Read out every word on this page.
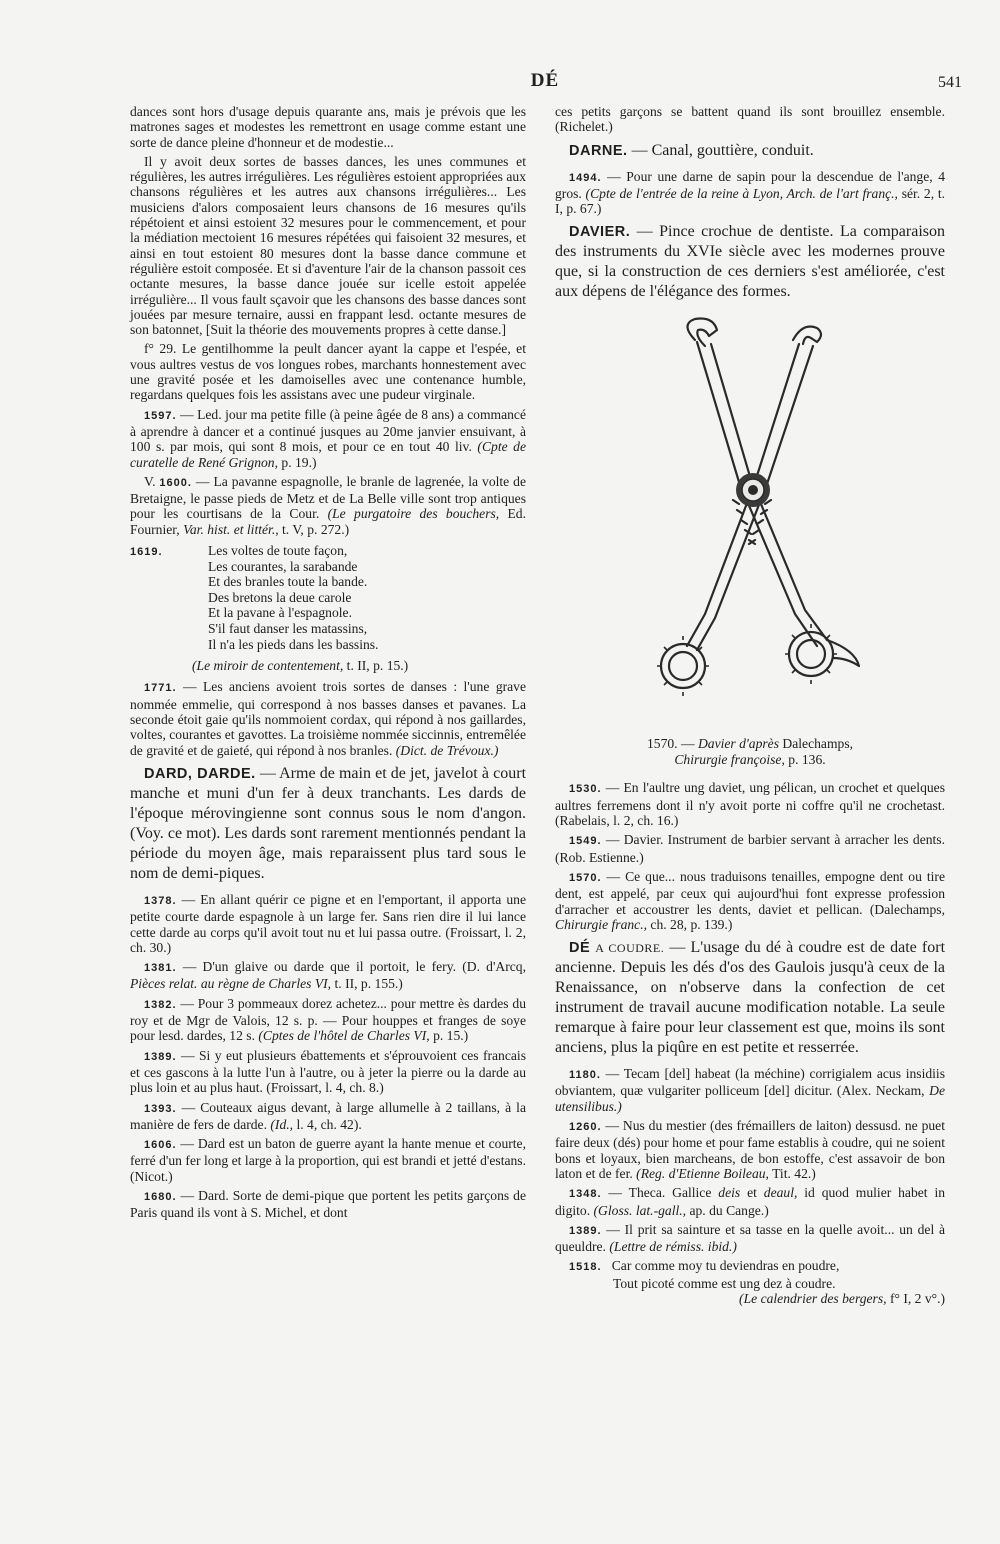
DÉ	541

dances sont hors d'usage depuis quarante ans, mais je prévois que les matrones sages et modestes les remettront en usage comme estant une sorte de dance pleine d'honneur et de modestie...

Il y avoit deux sortes de basses dances, les unes communes et régulières, les autres irrégulières. Les régulières estoient appropriées aux chansons régulières et les autres aux chansons irrégulières... Les musiciens d'alors composaient leurs chansons de 16 mesures qu'ils répétoient et ainsi estoient 32 mesures pour le commencement, et pour la médiation mectoient 16 mesures répétées qui faisoient 32 mesures, et ainsi en tout estoient 80 mesures dont la basse dance commune et régulière estoit composée. Et si d'aventure l'air de la chanson passoit ces octante mesures, la basse dance jouée sur icelle estoit appelée irrégulière... Il vous fault sçavoir que les chansons des basse dances sont jouées par mesure ternaire, aussi en frappant lesd. octante mesures de son batonnet, [Suit la théorie des mouvements propres à cette danse.]

f° 29. Le gentilhomme la peult dancer ayant la cappe et l'espée, et vous aultres vestus de vos longues robes, marchants honnestement avec une gravité posée et les damoiselles avec une contenance humble, regardans quelques fois les assistans avec une pudeur virginale.

1597. — Led. jour ma petite fille (à peine âgée de 8 ans) a commancé à aprendre à dancer et a continué jusques au 20me janvier ensuivant, à 100 s. par mois, qui sont 8 mois, et pour ce en tout 40 liv. (Cpte de curatelle de René Grignon, p. 19.)

V. 1600. — La pavanne espagnolle, le branle de lagrenée, la volte de Bretaigne, le passe pieds de Metz et de La Belle ville sont trop antiques pour les courtisans de la Cour. (Le purgatoire des bouchers, Ed. Fournier, Var. hist. et littér., t. V, p. 272.)

1619.	Les voltes de toute façon,
Les courantes, la sarabande
Et des branles toute la bande.
Des bretons la deue carole
Et la pavane à l'espagnole.
S'il faut danser les matassins,
Il n'a les pieds dans les bassins.

(Le miroir de contentement, t. II, p. 15.)

1771. — Les anciens avoient trois sortes de danses : l'une grave nommée emmelie, qui correspond à nos basses danses et pavanes. La seconde étoit gaie qu'ils nommoient cordax, qui répond à nos gaillardes, voltes, courantes et gavottes. La troisième nommée siccinnis, entremêlée de gravité et de gaieté, qui répond à nos branles. (Dict. de Trévoux.)

DARD, DARDE. — Arme de main et de jet, javelot à court manche et muni d'un fer à deux tranchants. Les dards de l'époque mérovingienne sont connus sous le nom d'angon. (Voy. ce mot). Les dards sont rarement mentionnés pendant la période du moyen âge, mais reparaissent plus tard sous le nom de demi-piques.

1378. — En allant quérir ce pigne et en l'emportant, il apporta une petite courte darde espagnole à un large fer. Sans rien dire il lui lance cette darde au corps qu'il avoit tout nu et lui passa outre. (Froissart, l. 2, ch. 30.)

1381. — D'un glaive ou darde que il portoit, le fery. (D. d'Arcq, Pièces relat. au règne de Charles VI, t. II, p. 155.)

1382. — Pour 3 pommeaux dorez achetez... pour mettre ès dardes du roy et de Mgr de Valois, 12 s. p. — Pour houppes et franges de soye pour lesd. dardes, 12 s. (Cptes de l'hôtel de Charles VI, p. 15.)

1389. — Si y eut plusieurs ébattements et s'éprouvoient ces francais et ces gascons à la lutte l'un à l'autre, ou à jeter la pierre ou la darde au plus loin et au plus haut. (Froissart, l. 4, ch. 8.)

1393. — Couteaux aigus devant, à large allumelle à 2 taillans, à la manière de fers de darde. (Id., l. 4, ch. 42).

1606. — Dard est un baton de guerre ayant la hante menue et courte, ferré d'un fer long et large à la proportion, qui est brandi et jetté d'estans. (Nicot.)

1680. — Dard. Sorte de demi-pique que portent les petits garçons de Paris quand ils vont à S. Michel, et dont

ces petits garçons se battent quand ils sont brouillez ensemble. (Richelet.)

DARNE. — Canal, gouttière, conduit.

1494. — Pour une darne de sapin pour la descendue de l'ange, 4 gros. (Cpte de l'entrée de la reine à Lyon, Arch. de l'art franç., sér. 2, t. I, p. 67.)

DAVIER. — Pince crochue de dentiste. La comparaison des instruments du XVIe siècle avec les modernes prouve que, si la construction de ces derniers s'est améliorée, c'est aux dépens de l'élégance des formes.

1570. — Davier d'après Dalechamps,
Chirurgie françoise, p. 136.

1530. — En l'aultre ung daviet, ung pélican, un crochet et quelques aultres ferremens dont il n'y avoit porte ni coffre qu'il ne crochetast. (Rabelais, l. 2, ch. 16.)

1549. — Davier. Instrument de barbier servant à arracher les dents. (Rob. Estienne.)

1570. — Ce que... nous traduisons tenailles, empogne dent ou tire dent, est appelé, par ceux qui aujourd'hui font expresse profession d'arracher et accoustrer les dents, daviet et pellican. (Dalechamps, Chirurgie franc., ch. 28, p. 139.)

DÉ A COUDRE. — L'usage du dé à coudre est de date fort ancienne. Depuis les dés d'os des Gaulois jusqu'à ceux de la Renaissance, on n'observe dans la confection de cet instrument de travail aucune modification notable. La seule remarque à faire pour leur classement est que, moins ils sont anciens, plus la piqûre en est petite et resserrée.

1180. — Tecam [del] habeat (la méchine) corrigialem acus insidiis obviantem, quæ vulgariter polliceum [del] dicitur. (Alex. Neckam, De utensilibus.)

1260. — Nus du mestier (des frémaillers de laiton) dessusd. ne puet faire deux (dés) pour home et pour fame establis à coudre, qui ne soient bons et loyaux, bien marcheans, de bon estoffe, c'est assavoir de bon laton et de fer. (Reg. d'Etienne Boileau, Tit. 42.)

1348. — Theca. Gallice deis et deaul, id quod mulier habet in digito. (Gloss. lat.-gall., ap. du Cange.)

1389. — Il prit sa sainture et sa tasse en la quelle avoit... un del à queuldre. (Lettre de rémiss. ibid.)

1518. Car comme moy tu deviendras en poudre,
Tout picoté comme est ung dez à coudre.
(Le calendrier des bergers, f° I, 2 v°.)
